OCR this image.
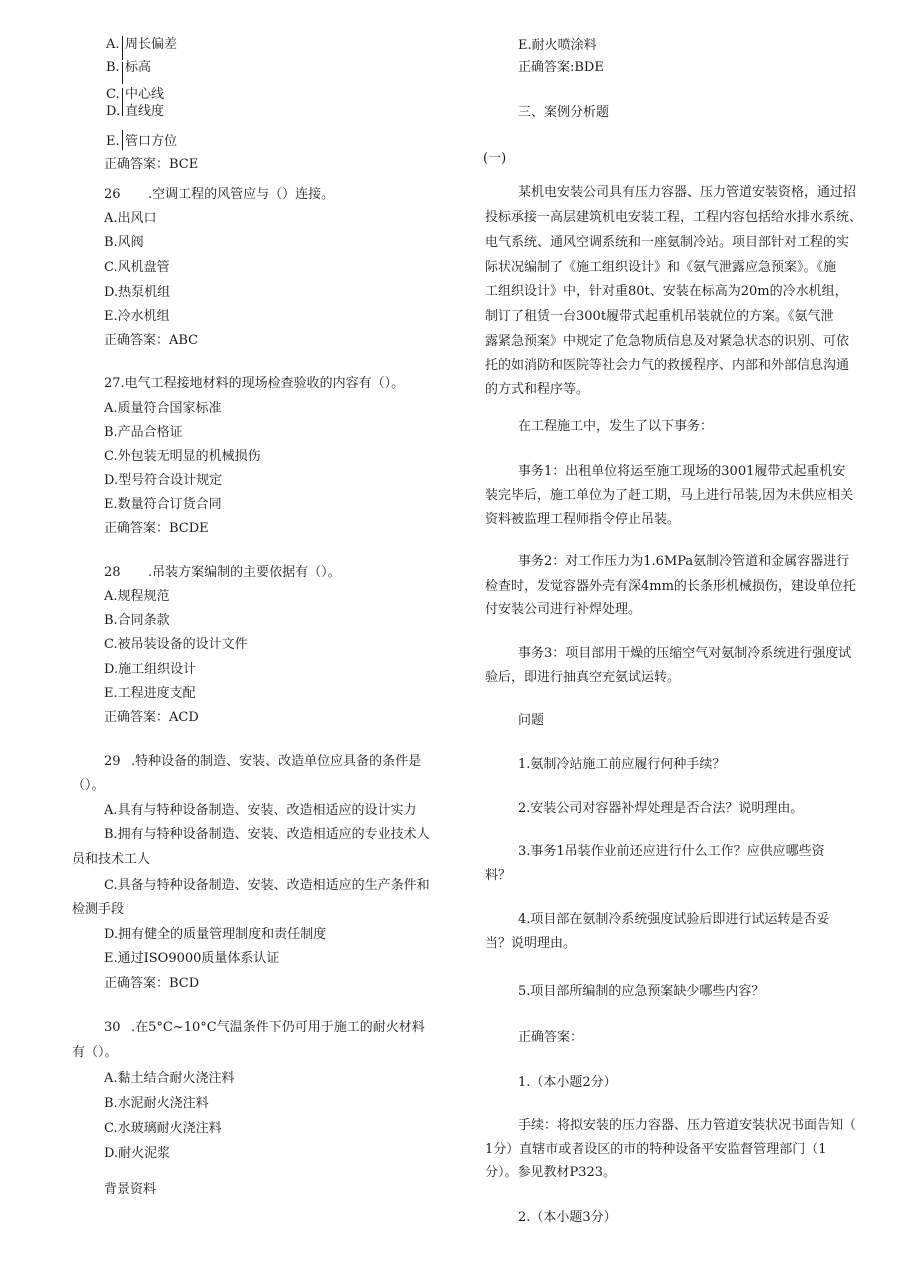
A. 周长偏差
B. 标高
C. 中心线
D. 直线度
E. 管口方位
正确答案：BCE
26 .空调工程的风管应与（）连接。
A.出风口
B.风阀
C.风机盘管
D.热泵机组
E.冷水机组
正确答案：ABC
27.电气工程接地材料的现场检查验收的内容有（）。
A.质量符合国家标准
B.产品合格证
C.外包装无明显的机械损伤
D.型号符合设计规定
E.数量符合订货合同
正确答案：BCDE
28 .吊装方案编制的主要依据有（）。
A.规程规范
B.合同条款
C.被吊装设备的设计文件
D.施工组织设计
E.工程进度支配
正确答案：ACD
29 .特种设备的制造、安装、改造单位应具备的条件是
（）。
A.具有与特种设备制造、安装、改造相适应的设计实力
B.拥有与特种设备制造、安装、改造相适应的专业技术人
员和技术工人
C.具备与特种设备制造、安装、改造相适应的生产条件和
检测手段
D.拥有健全的质量管理制度和责任制度
E.通过ISO9000质量体系认证
正确答案：BCD
30 .在5°C~10°C气温条件下仍可用于施工的耐火材料
有（）。
A.黏土结合耐火浇注料
B.水泥耐火浇注料
C.水玻璃耐火浇注料
D.耐火泥浆
背景资料
E.耐火喷涂料
正确答案:BDE
三、案例分析题
(一)
某机电安装公司具有压力容器、压力管道安装资格，通过招
投标承接一高层建筑机电安装工程，工程内容包括给水排水系统、
电气系统、通风空调系统和一座氨制冷站。项目部针对工程的实
际状况编制了《施工组织设计》和《氨气泄露应急预案》。《施
工组织设计》中，针对重80t、安装在标高为20m的冷水机组，
制订了租赁一台300t履带式起重机吊装就位的方案。《氨气泄
露紧急预案》中规定了危急物质信息及对紧急状态的识别、可依
托的如消防和医院等社会力气的救援程序、内部和外部信息沟通
的方式和程序等。
在工程施工中，发生了以下事务：
事务1：出租单位将运至施工现场的3001履带式起重机安
装完毕后，施工单位为了赶工期，马上进行吊装,因为未供应相关
资料被监理工程师指令停止吊装。
事务2：对工作压力为1.6MPa氨制冷管道和金属容器进行
检查时，发觉容器外壳有深4mm的长条形机械损伤，建设单位托
付安装公司进行补焊处理。
事务3：项目部用干燥的压缩空气对氨制冷系统进行强度试
验后，即进行抽真空充氨试运转。
问题
1.氨制冷站施工前应履行何种手续？
2.安装公司对容器补焊处理是否合法？说明理由。
3.事务1吊装作业前还应进行什么工作？应供应哪些资
料？
4.项目部在氨制冷系统强度试验后即进行试运转是否妥
当？说明理由。
5.项目部所编制的应急预案缺少哪些内容？
正确答案：
1.（本小题2分）
手续：将拟安装的压力容器、压力管道安装状况书面告知（
1分）直辖市或者设区的市的特种设备平安监督管理部门（1
分）。参见教材P323。
2.（本小题3分）
